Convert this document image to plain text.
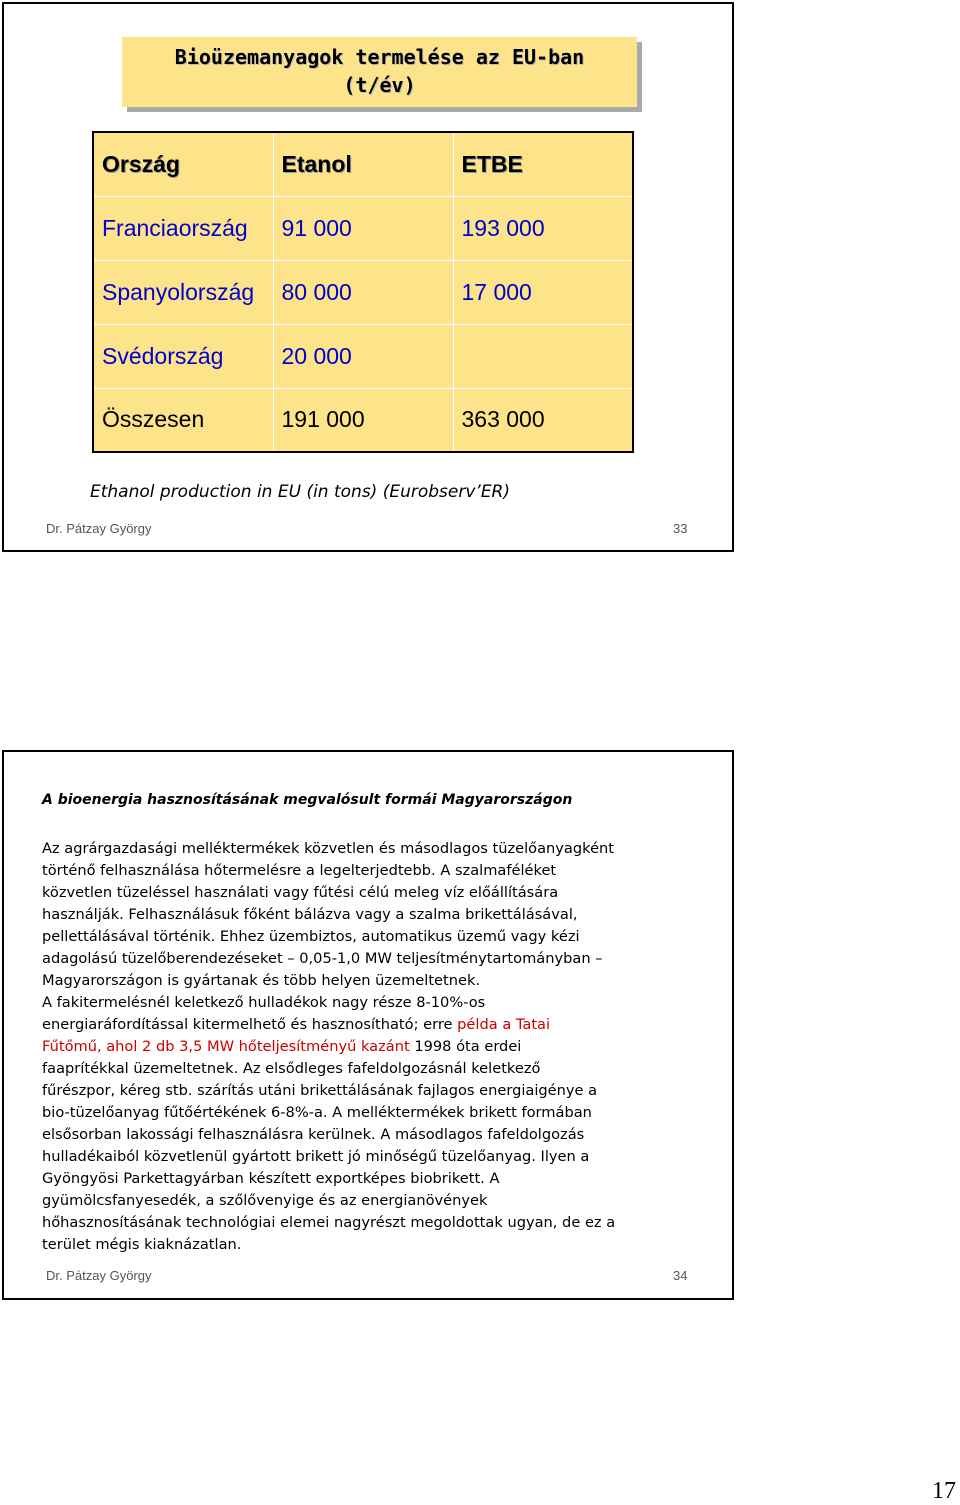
Bioüzemanyagok termelése az EU-ban
(t/év)
Ország	Etanol	ETBE
Franciaország	91 000	193 000
Spanyolország	80 000	17 000
Svédország	20 000	
Összesen	191 000	363 000
Ethanol production in EU (in tons) (Eurobserv’ER)
Dr. Pátzay György	33
A bioenergia hasznosításának megvalósult formái Magyarországon
Az agrárgazdasági melléktermékek közvetlen és másodlagos tüzelőanyagként
történő felhasználása hőtermelésre a legelterjedtebb. A szalmaféléket
közvetlen tüzeléssel használati vagy fűtési célú meleg víz előállítására
használják. Felhasználásuk főként bálázva vagy a szalma brikettálásával,
pellettálásával történik. Ehhez üzembiztos, automatikus üzemű vagy kézi
adagolású tüzelőberendezéseket – 0,05-1,0 MW teljesítménytartományban –
Magyarországon is gyártanak és több helyen üzemeltetnek.
A fakitermelésnél keletkező hulladékok nagy része 8-10%-os
energiaráfordítással kitermelhető és hasznosítható; erre példa a Tatai
Fűtőmű, ahol 2 db 3,5 MW hőteljesítményű kazánt 1998 óta erdei
faaprítékkal üzemeltetnek. Az elsődleges fafeldolgozásnál keletkező
fűrészpor, kéreg stb. szárítás utáni brikettálásának fajlagos energiaigénye a
bio-tüzelőanyag fűtőértékének 6-8%-a. A melléktermékek brikett formában
elsősorban lakossági felhasználásra kerülnek. A másodlagos fafeldolgozás
hulladékaiból közvetlenül gyártott brikett jó minőségű tüzelőanyag. Ilyen a
Gyöngyösi Parkettagyárban készített exportképes biobrikett. A
gyümölcsfanyesedék, a szőlővenyige és az energianövények
hőhasznosításának technológiai elemei nagyrészt megoldottak ugyan, de ez a
terület mégis kiaknázatlan.
Dr. Pátzay György	34
17
